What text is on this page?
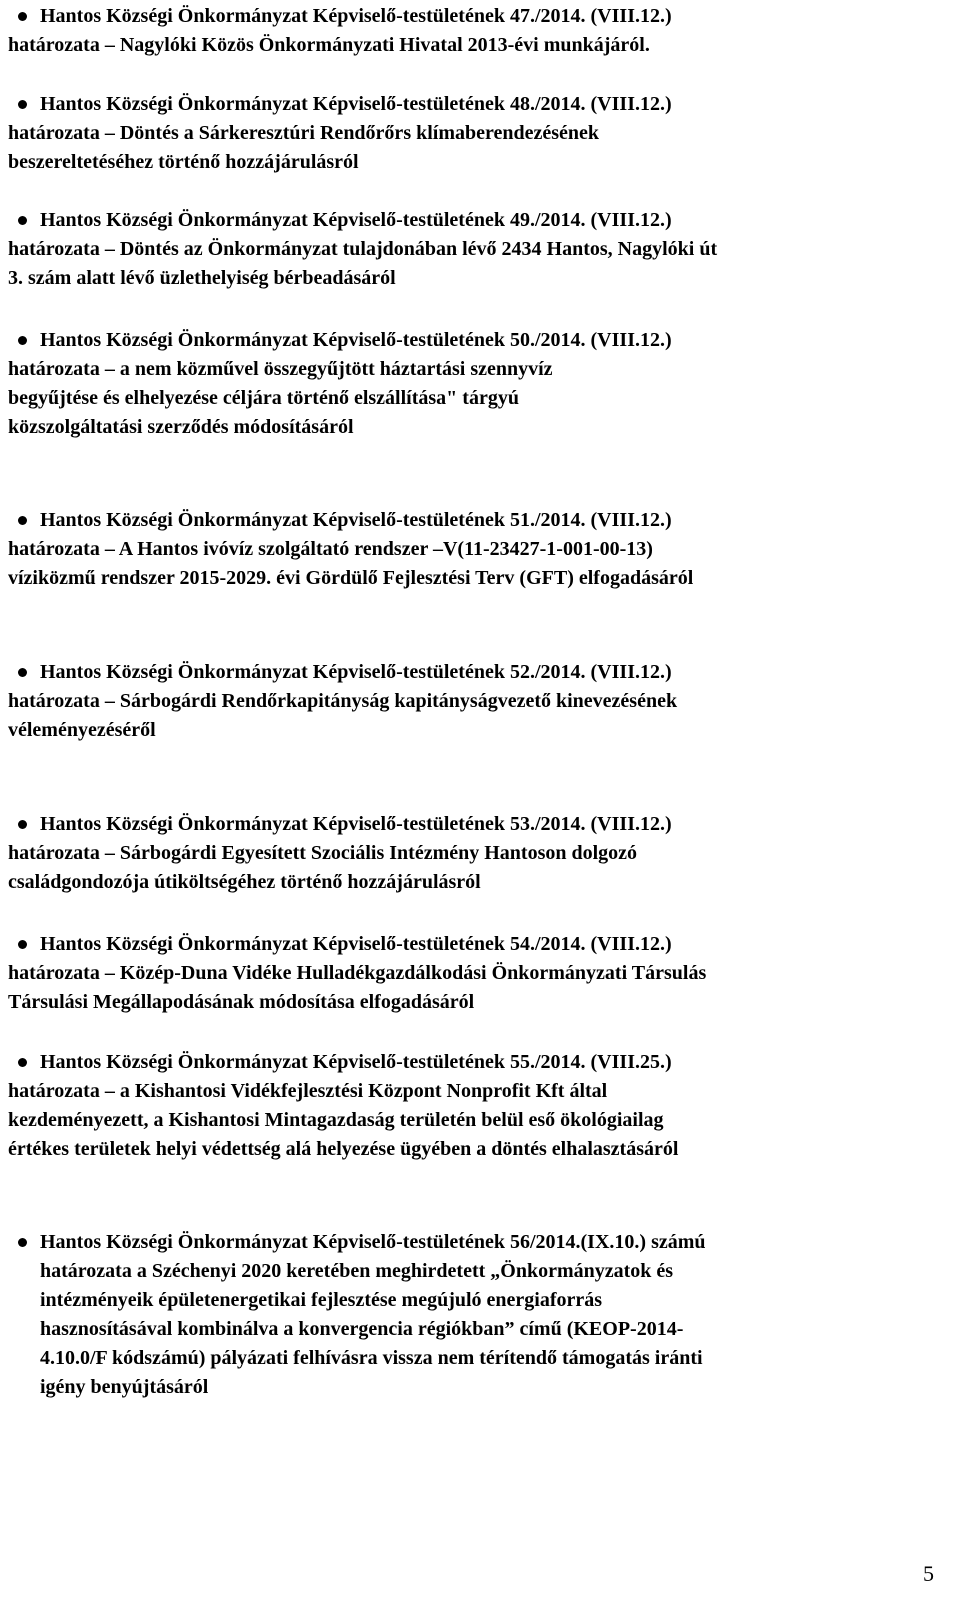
Hantos Községi Önkormányzat Képviselő-testületének 47./2014. (VIII.12.)
határozata – Nagylóki Közös Önkormányzati Hivatal 2013-évi munkájáról.
Hantos Községi Önkormányzat Képviselő-testületének 48./2014. (VIII.12.)
határozata – Döntés a Sárkeresztúri Rendőrőrs klímaberendezésének
beszereltetéséhez történő hozzájárulásról
Hantos Községi Önkormányzat Képviselő-testületének 49./2014. (VIII.12.)
határozata – Döntés az Önkormányzat tulajdonában lévő 2434 Hantos, Nagylóki út
3. szám alatt lévő üzlethelyiség bérbeadásáról
Hantos Községi Önkormányzat Képviselő-testületének 50./2014. (VIII.12.)
határozata – a nem közművel összegyűjtött háztartási szennyvíz
begyűjtése és elhelyezése céljára történő elszállítása" tárgyú
közszolgáltatási szerződés módosításáról
Hantos Községi Önkormányzat Képviselő-testületének 51./2014. (VIII.12.)
határozata – A Hantos ivóvíz szolgáltató rendszer –V(11-23427-1-001-00-13)
víziközmű rendszer 2015-2029. évi Gördülő Fejlesztési Terv (GFT) elfogadásáról
Hantos Községi Önkormányzat Képviselő-testületének 52./2014. (VIII.12.)
határozata – Sárbogárdi Rendőrkapitányság kapitányságvezető kinevezésének
véleményezéséről
Hantos Községi Önkormányzat Képviselő-testületének 53./2014. (VIII.12.)
határozata – Sárbogárdi Egyesített Szociális Intézmény Hantoson dolgozó
családgondozója útiköltségéhez történő hozzájárulásról
Hantos Községi Önkormányzat Képviselő-testületének 54./2014. (VIII.12.)
határozata – Közép-Duna Vidéke Hulladékgazdálkodási Önkormányzati Társulás
Társulási Megállapodásának módosítása elfogadásáról
Hantos Községi Önkormányzat Képviselő-testületének 55./2014. (VIII.25.)
határozata – a Kishantosi Vidékfejlesztési Központ Nonprofit Kft által
kezdeményezett, a Kishantosi Mintagazdaság területén belül eső ökológiailag
értékes területek helyi védettség alá helyezése ügyében a döntés elhalasztásáról
Hantos Községi Önkormányzat Képviselő-testületének 56/2014.(IX.10.) számú
határozata a Széchenyi 2020 keretében meghirdetett „Önkormányzatok és
intézményeik épületenergetikai fejlesztése megújuló energiaforrás
hasznosításával kombinálva a konvergencia régiókban” című (KEOP-2014-
4.10.0/F kódszámú) pályázati felhívásra vissza nem térítendő támogatás iránti
igény benyújtásáról
5
